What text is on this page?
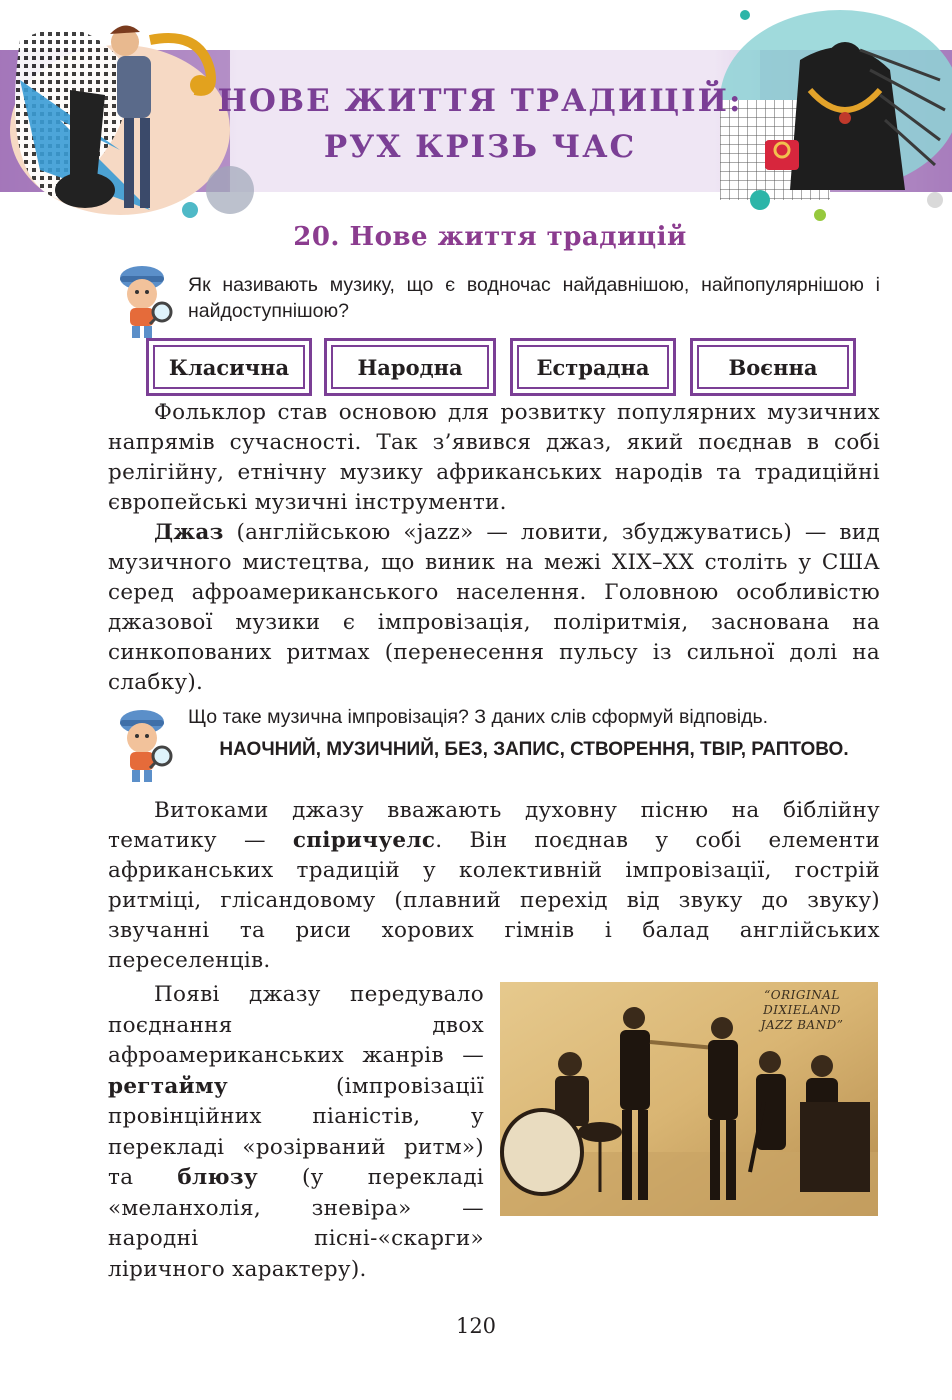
НОВЕ ЖИТТЯ ТРАДИЦІЙ:
РУХ КРІЗЬ ЧАС
20. Нове життя традицій
Як називають музику, що є водночас найдавнішою, найпопулярнішою і найдоступнішою?
Класична	Народна	Естрадна	Воєнна
Фольклор став основою для розвитку популярних музичних напрямів сучасності. Так з’явився джаз, який поєднав в собі релігійну, етнічну музику африканських народів та традиційні європейські музичні інструменти.
Джаз (англійською «jazz» — ловити, збуджуватись) — вид музичного мистецтва, що виник на межі XIX–XX століть у США серед афроамериканського населення. Головною особливістю джазової музики є імпровізація, поліритмія, заснована на синкопованих ритмах (перенесення пульсу із сильної долі на слабку).
Що таке музична імпровізація? З даних слів сформуй відповідь.
НАОЧНИЙ, МУЗИЧНИЙ, БЕЗ, ЗАПИС, СТВОРЕННЯ, ТВІР, РАПТОВО.
Витоками джазу вважають духовну пісню на біблійну тематику — спіричуелс. Він поєднав у собі елементи африканських традицій у колективній імпровізації, гострій ритміці, глісандовому (плавний перехід від звуку до звуку) звучанні та риси хорових гімнів і балад англійських переселенців.
Появі джазу передувало поєднання двох афроамериканських жанрів — регтайму (імпровізації провінційних піаністів, у перекладі «розірваний ритм») та блюзу (у перекладі «меланхолія, зневіра» — народні пісні-«скарги» ліричного характеру).
“ORIGINAL DIXIELAND
JAZZ BAND”
120
